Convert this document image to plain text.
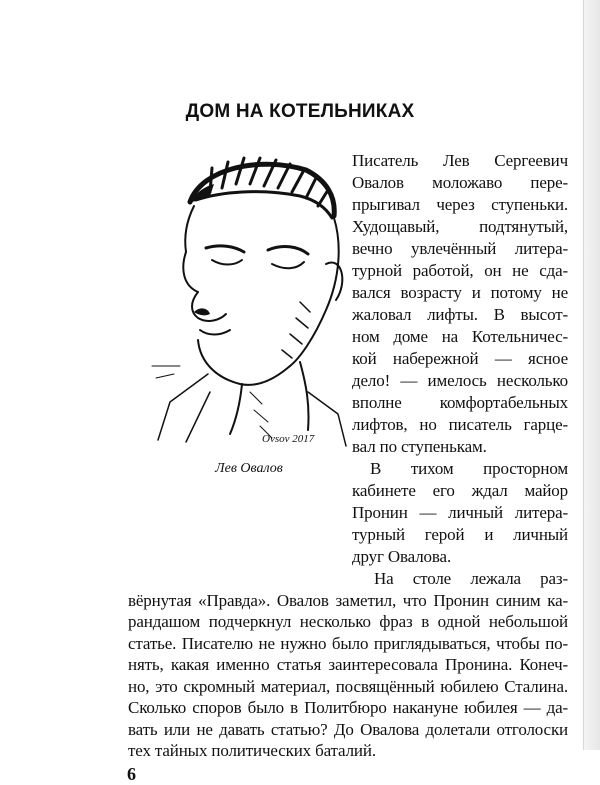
ДОМ НА КОТЕЛЬНИКАХ
Ovsov 2017
Лев Овалов

Писатель Лев Сергеевич

Овалов моложаво пере-

прыгивал через ступеньки.

Худощавый, подтянутый,

вечно увлечённый литера-

турной работой, он не сда-

вался возрасту и потому не

жаловал лифты. В высот-

ном доме на Котельничес-

кой набережной — ясное

дело! — имелось несколько

вполне комфортабельных

лифтов, но писатель гарце-

вал по ступенькам.

В тихом просторном

кабинете его ждал майор

Пронин — личный литера-

турный герой и личный

друг Овалова.

На столе лежала раз-

вёрнутая «Правда». Овалов заметил, что Пронин синим ка-

рандашом подчеркнул несколько фраз в одной небольшой

статье. Писателю не нужно было приглядываться, чтобы по-

нять, какая именно статья заинтересовала Пронина. Конеч-

но, это скромный материал, посвящённый юбилею Сталина.

Сколько споров было в Политбюро накануне юбилея — да-

вать или не давать статью? До Овалова долетали отголоски

тех тайных политических баталий.

6
